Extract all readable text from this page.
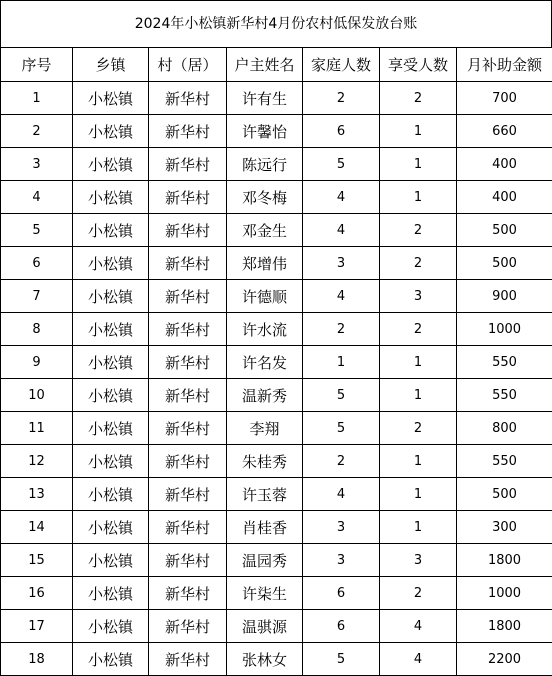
2024年小松镇新华村4月份农村低保发放台账
序号	乡镇	村（居）	户主姓名	家庭人数	享受人数	月补助金额
1	小松镇	新华村	许有生	2	2	700
2	小松镇	新华村	许馨怡	6	1	660
3	小松镇	新华村	陈远行	5	1	400
4	小松镇	新华村	邓冬梅	4	1	400
5	小松镇	新华村	邓金生	4	2	500
6	小松镇	新华村	郑增伟	3	2	500
7	小松镇	新华村	许德顺	4	3	900
8	小松镇	新华村	许水流	2	2	1000
9	小松镇	新华村	许名发	1	1	550
10	小松镇	新华村	温新秀	5	1	550
11	小松镇	新华村	李翔	5	2	800
12	小松镇	新华村	朱桂秀	2	1	550
13	小松镇	新华村	许玉蓉	4	1	500
14	小松镇	新华村	肖桂香	3	1	300
15	小松镇	新华村	温园秀	3	3	1800
16	小松镇	新华村	许柒生	6	2	1000
17	小松镇	新华村	温骐源	6	4	1800
18	小松镇	新华村	张林女	5	4	2200
